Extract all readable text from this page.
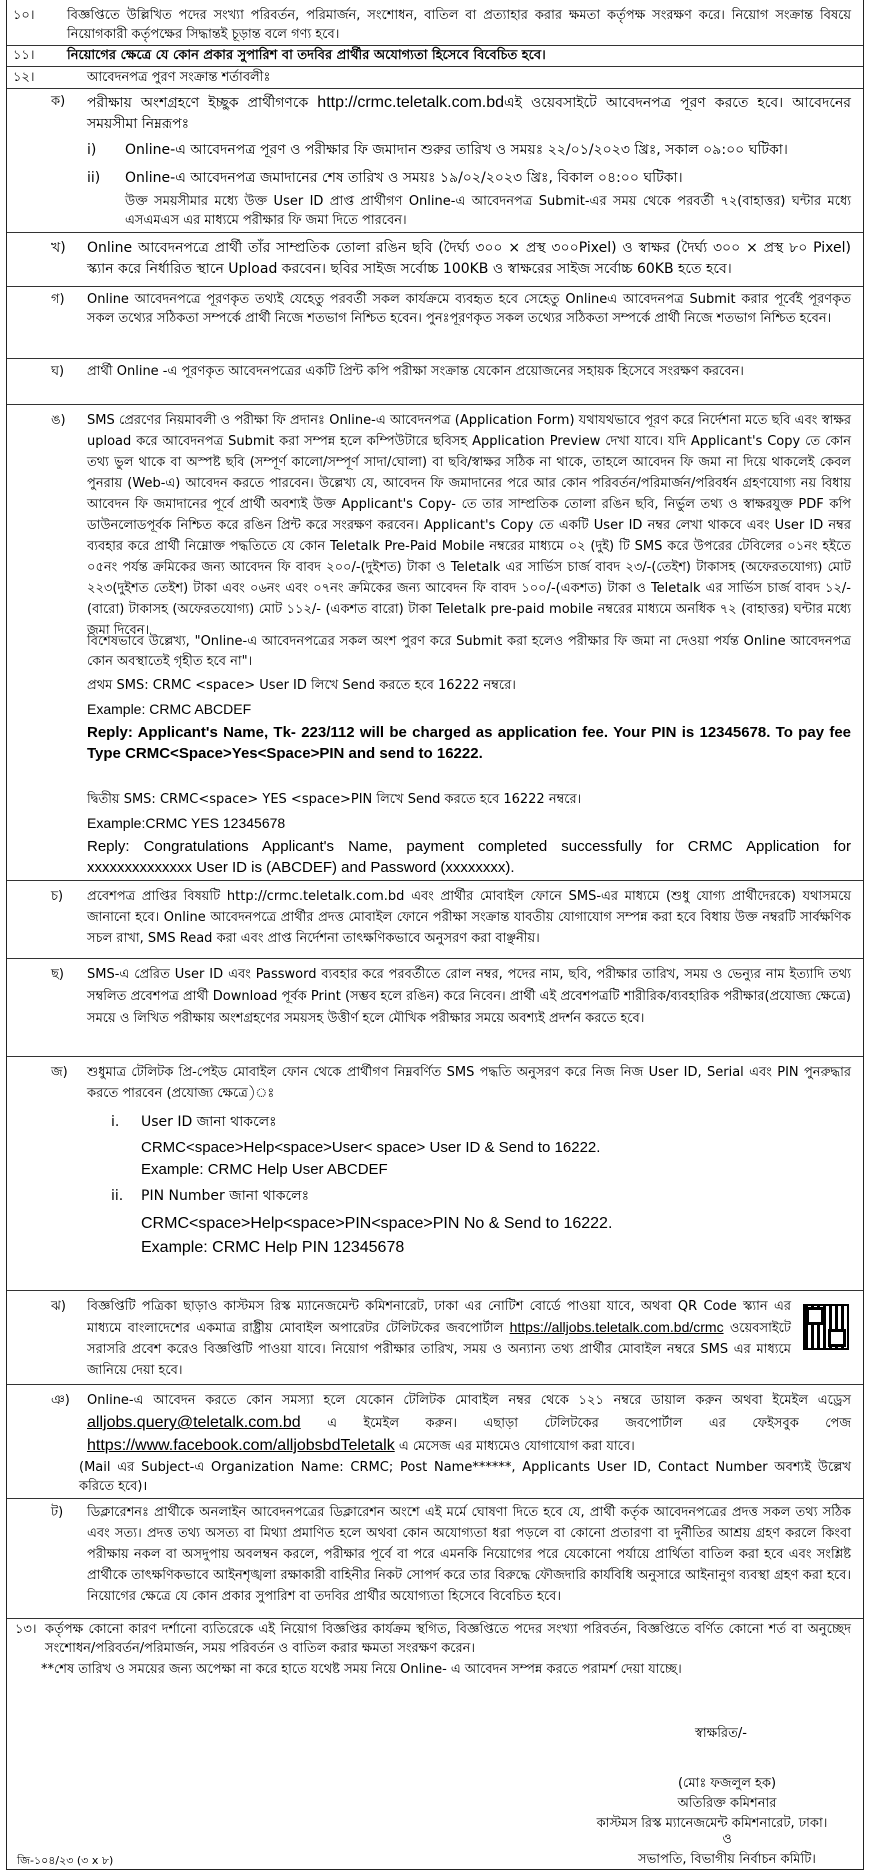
১০।	বিজ্ঞপ্তিতে উল্লিখিত পদের সংখ্যা পরিবর্তন, পরিমার্জন, সংশোধন, বাতিল বা প্রত্যাহার করার ক্ষমতা কর্তৃপক্ষ সংরক্ষণ করে। নিয়োগ সংক্রান্ত বিষয়ে নিয়োগকারী কর্তৃপক্ষের সিদ্ধান্তই চূড়ান্ত বলে গণ্য হবে।
১১।	নিয়োগের ক্ষেত্রে যে কোন প্রকার সুপারিশ বা তদবির প্রার্থীর অযোগ্যতা হিসেবে বিবেচিত হবে।
১২।	আবেদনপত্র পুরণ সংক্রান্ত শর্তাবলীঃ
ক)	পরীক্ষায় অংশগ্রহণে ইচ্ছুক প্রার্থীগণকে http://crmc.teletalk.com.bdএই ওয়েবসাইটে আবেদনপত্র পূরণ করতে হবে। আবেদনের সময়সীমা নিম্নরূপঃ
i) Online-এ আবেদনপত্র পূরণ ও পরীক্ষার ফি জমাদান শুরুর তারিখ ও সময়ঃ ২২/০১/২০২৩ খ্রিঃ, সকাল ০৯:০০ ঘটিকা।
ii) Online-এ আবেদনপত্র জমাদানের শেষ তারিখ ও সময়ঃ ১৯/০২/২০২৩ খ্রিঃ, বিকাল ০৪:০০ ঘটিকা।
উক্ত সময়সীমার মধ্যে উক্ত User ID প্রাপ্ত প্রার্থীগণ Online-এ আবেদনপত্র Submit-এর সময় থেকে পরবর্তী ৭২(বাহাত্তর) ঘন্টার মধ্যে এসএমএস এর মাধ্যমে পরীক্ষার ফি জমা দিতে পারবেন।
খ)	Online আবেদনপত্রে প্রার্থী তাঁর সাম্প্রতিক তোলা রঙিন ছবি (দৈর্ঘ্য ৩০০ × প্রস্থ ৩০০Pixel) ও স্বাক্ষর (দৈর্ঘ্য ৩০০ × প্রস্থ ৮০ Pixel) স্ক্যান করে নির্ধারিত স্থানে Upload করবেন। ছবির সাইজ সর্বোচ্চ 100KB ও স্বাক্ষরের সাইজ সর্বোচ্চ 60KB হতে হবে।
গ)	Online আবেদনপত্রে পূরণকৃত তথ্যই যেহেতু পরবর্তী সকল কার্যক্রমে ব্যবহৃত হবে সেহেতু Onlineএ আবেদনপত্র Submit করার পূর্বেই পূরণকৃত সকল তথ্যের সঠিকতা সম্পর্কে প্রার্থী নিজে শতভাগ নিশ্চিত হবেন। পুনঃপূরণকৃত সকল তথ্যের সঠিকতা সম্পর্কে প্রার্থী নিজে শতভাগ নিশ্চিত হবেন।
ঘ)	প্রার্থী Online -এ পূরণকৃত আবেদনপত্রের একটি প্রিন্ট কপি পরীক্ষা সংক্রান্ত যেকোন প্রয়োজনের সহায়ক হিসেবে সংরক্ষণ করবেন।
ঙ)	SMS প্রেরণের নিয়মাবলী ও পরীক্ষা ফি প্রদানঃ Online-এ আবেদনপত্র (Application Form) যথাযথভাবে পূরণ করে নির্দেশনা মতে ছবি এবং স্বাক্ষর upload করে আবেদনপত্র Submit করা সম্পন্ন হলে কম্পিউটারে ছবিসহ Application Preview দেখা যাবে। যদি Applicant's Copy তে কোন তথ্য ভুল থাকে বা অস্পষ্ট ছবি (সম্পূর্ণ কালো/সম্পূর্ণ সাদা/ঘোলা) বা ছবি/স্বাক্ষর সঠিক না থাকে, তাহলে আবেদন ফি জমা না দিয়ে থাকলেই কেবল পুনরায় (Web-এ) আবেদন করতে পারবেন। উল্লেখ্য যে, আবেদন ফি জমাদানের পরে আর কোন পরিবর্তন/পরিমার্জন/পরিবর্ধন গ্রহণযোগ্য নয় বিধায় আবেদন ফি জমাদানের পূর্বে প্রার্থী অবশ্যই উক্ত Applicant's Copy- তে তার সাম্প্রতিক তোলা রঙিন ছবি, নির্ভুল তথ্য ও স্বাক্ষরযুক্ত PDF কপি ডাউনলোডপূর্বক নিশ্চিত করে রঙিন প্রিন্ট করে সংরক্ষণ করবেন। Applicant's Copy তে একটি User ID নম্বর লেখা থাকবে এবং User ID নম্বর ব্যবহার করে প্রার্থী নিম্নোক্ত পদ্ধতিতে যে কোন Teletalk Pre-Paid Mobile নম্বরের মাধ্যমে ০২ (দুই) টি SMS করে উপরের টেবিলের ০১নং হইতে ০৫নং পর্যন্ত ক্রমিকের জন্য আবেদন ফি বাবদ ২০০/-(দুইশত) টাকা ও Teletalk এর সার্ভিস চার্জ বাবদ ২৩/-(তেইশ) টাকাসহ (অফেরতযোগ্য) মোট ২২৩(দুইশত তেইশ) টাকা এবং ০৬নং এবং ০৭নং ক্রমিকের জন্য আবেদন ফি বাবদ ১০০/-(একশত) টাকা ও Teletalk এর সার্ভিস চার্জ বাবদ ১২/- (বারো) টাকাসহ (অফেরতযোগ্য) মোট ১১২/- (একশত বারো) টাকা Teletalk pre-paid mobile নম্বরের মাধ্যমে অনধিক ৭২ (বাহাত্তর) ঘন্টার মধ্যে জমা দিবেন।
বিশেষভাবে উল্লেখ্য, "Online-এ আবেদনপত্রের সকল অংশ পুরণ করে Submit করা হলেও পরীক্ষার ফি জমা না দেওয়া পর্যন্ত Online আবেদনপত্র কোন অবস্থাতেই গৃহীত হবে না"।
প্রথম SMS: CRMC <space> User ID লিখে Send করতে হবে 16222 নম্বরে।
Example: CRMC ABCDEF
Reply: Applicant's Name, Tk- 223/112 will be charged as application fee. Your PIN is 12345678. To pay fee Type CRMC<Space>Yes<Space>PIN and send to 16222.
দ্বিতীয় SMS: CRMC<space> YES <space>PIN লিখে Send করতে হবে 16222 নম্বরে।
Example:CRMC YES 12345678
Reply: Congratulations Applicant's Name, payment completed successfully for CRMC Application for xxxxxxxxxxxxxx User ID is (ABCDEF) and Password (xxxxxxxx).
চ)	প্রবেশপত্র প্রাপ্তির বিষয়টি http://crmc.teletalk.com.bd এবং প্রার্থীর মোবাইল ফোনে SMS-এর মাধ্যমে (শুধু যোগ্য প্রার্থীদেরকে) যথাসময়ে জানানো হবে। Online আবেদনপত্রে প্রার্থীর প্রদত্ত মোবাইল ফোনে পরীক্ষা সংক্রান্ত যাবতীয় যোগাযোগ সম্পন্ন করা হবে বিধায় উক্ত নম্বরটি সার্বক্ষণিক সচল রাখা, SMS Read করা এবং প্রাপ্ত নির্দেশনা তাৎক্ষণিকভাবে অনুসরণ করা বাঞ্ছনীয়।
ছ)	SMS-এ প্রেরিত User ID এবং Password ব্যবহার করে পরবর্তীতে রোল নম্বর, পদের নাম, ছবি, পরীক্ষার তারিখ, সময় ও ভেন্যুর নাম ইত্যাদি তথ্য সম্বলিত প্রবেশপত্র প্রার্থী Download পূর্বক Print (সম্ভব হলে রঙিন) করে নিবেন। প্রার্থী এই প্রবেশপত্রটি শারীরিক/ব্যবহারিক পরীক্ষার(প্রযোজ্য ক্ষেত্রে) সময়ে ও লিখিত পরীক্ষায় অংশগ্রহণের সময়সহ উত্তীর্ণ হলে মৌখিক পরীক্ষার সময়ে অবশ্যই প্রদর্শন করতে হবে।
জ)	শুধুমাত্র টেলিটক প্রি-পেইড মোবাইল ফোন থেকে প্রার্থীগণ নিম্নবর্ণিত SMS পদ্ধতি অনুসরণ করে নিজ নিজ User ID, Serial এবং PIN পুনরুদ্ধার করতে পারবেন (প্রযোজ্য ক্ষেত্রে)ঃ
i. User ID জানা থাকলেঃ
CRMC<space>Help<space>User< space> User ID & Send to 16222.
Example: CRMC Help User ABCDEF
ii. PIN Number জানা থাকলেঃ
CRMC<space>Help<space>PIN<space>PIN No & Send to 16222.
Example: CRMC Help PIN 12345678
ঝ)	বিজ্ঞপ্তিটি পত্রিকা ছাড়াও কাস্টমস রিস্ক ম্যানেজমেন্ট কমিশনারেট, ঢাকা এর নোটিশ বোর্ডে পাওয়া যাবে, অথবা QR Code স্ক্যান এর মাধ্যমে বাংলাদেশের একমাত্র রাষ্ট্রীয় মোবাইল অপারেটর টেলিটকের জবপোর্টাল https://alljobs.teletalk.com.bd/crmc ওয়েবসাইটে সরাসরি প্রবেশ করেও বিজ্ঞপ্তিটি পাওয়া যাবে। নিয়োগ পরীক্ষার তারিখ, সময় ও অন্যান্য তথ্য প্রার্থীর মোবাইল নম্বরে SMS এর মাধ্যমে জানিয়ে দেয়া হবে।
ঞ)	Online-এ আবেদন করতে কোন সমস্যা হলে যেকোন টেলিটক মোবাইল নম্বর থেকে ১২১ নম্বরে ডায়াল করুন অথবা ইমেইল এড্রেস alljobs.query@teletalk.com.bd এ ইমেইল করুন। এছাড়া টেলিটকের জবপোর্টাল এর ফেইসবুক পেজ https://www.facebook.com/alljobsbdTeletalk এ মেসেজ এর মাধ্যমেও যোগাযোগ করা যাবে।
(Mail এর Subject-এ Organization Name: CRMC; Post Name******, Applicants User ID, Contact Number অবশ্যই উল্লেখ করিতে হবে)।
ট)	ডিক্লারেশনঃ প্রার্থীকে অনলাইন আবেদনপত্রের ডিক্লারেশন অংশে এই মর্মে ঘোষণা দিতে হবে যে, প্রার্থী কর্তৃক আবেদনপত্রের প্রদত্ত সকল তথ্য সঠিক এবং সত্য। প্রদত্ত তথ্য অসত্য বা মিথ্যা প্রমাণিত হলে অথবা কোন অযোগ্যতা ধরা পড়লে বা কোনো প্রতারণা বা দুর্নীতির আশ্রয় গ্রহণ করলে কিংবা পরীক্ষায় নকল বা অসদুপায় অবলম্বন করলে, পরীক্ষার পূর্বে বা পরে এমনকি নিয়োগের পরে যেকোনো পর্যায়ে প্রার্থিতা বাতিল করা হবে এবং সংশ্লিষ্ট প্রার্থীকে তাৎক্ষণিকভাবে আইনশৃঙ্খলা রক্ষাকারী বাহিনীর নিকট সোপর্দ করে তার বিরুদ্ধে ফৌজদারি কার্যবিধি অনুসারে আইনানুগ ব্যবস্থা গ্রহণ করা হবে। নিয়োগের ক্ষেত্রে যে কোন প্রকার সুপারিশ বা তদবির প্রার্থীর অযোগ্যতা হিসেবে বিবেচিত হবে।
১৩। কর্তৃপক্ষ কোনো কারণ দর্শানো ব্যতিরেকে এই নিয়োগ বিজ্ঞপ্তির কার্যক্রম স্থগিত, বিজ্ঞপ্তিতে পদের সংখ্যা পরিবর্তন, বিজ্ঞপ্তিতে বর্ণিত কোনো শর্ত বা অনুচ্ছেদ সংশোধন/পরিবর্তন/পরিমার্জন, সময় পরিবর্তন ও বাতিল করার ক্ষমতা সংরক্ষণ করেন।
**শেষ তারিখ ও সময়ের জন্য অপেক্ষা না করে হাতে যথেষ্ট সময় নিয়ে Online- এ আবেদন সম্পন্ন করতে পরামর্শ দেয়া যাচ্ছে।
স্বাক্ষরিত/-
(মোঃ ফজলুল হক)
অতিরিক্ত কমিশনার
কাস্টমস রিস্ক ম্যানেজমেন্ট কমিশনারেট, ঢাকা।
ও
সভাপতি, বিভাগীয় নির্বাচন কমিটি।
জি-১০৪/২৩ (৩ x ৮)
